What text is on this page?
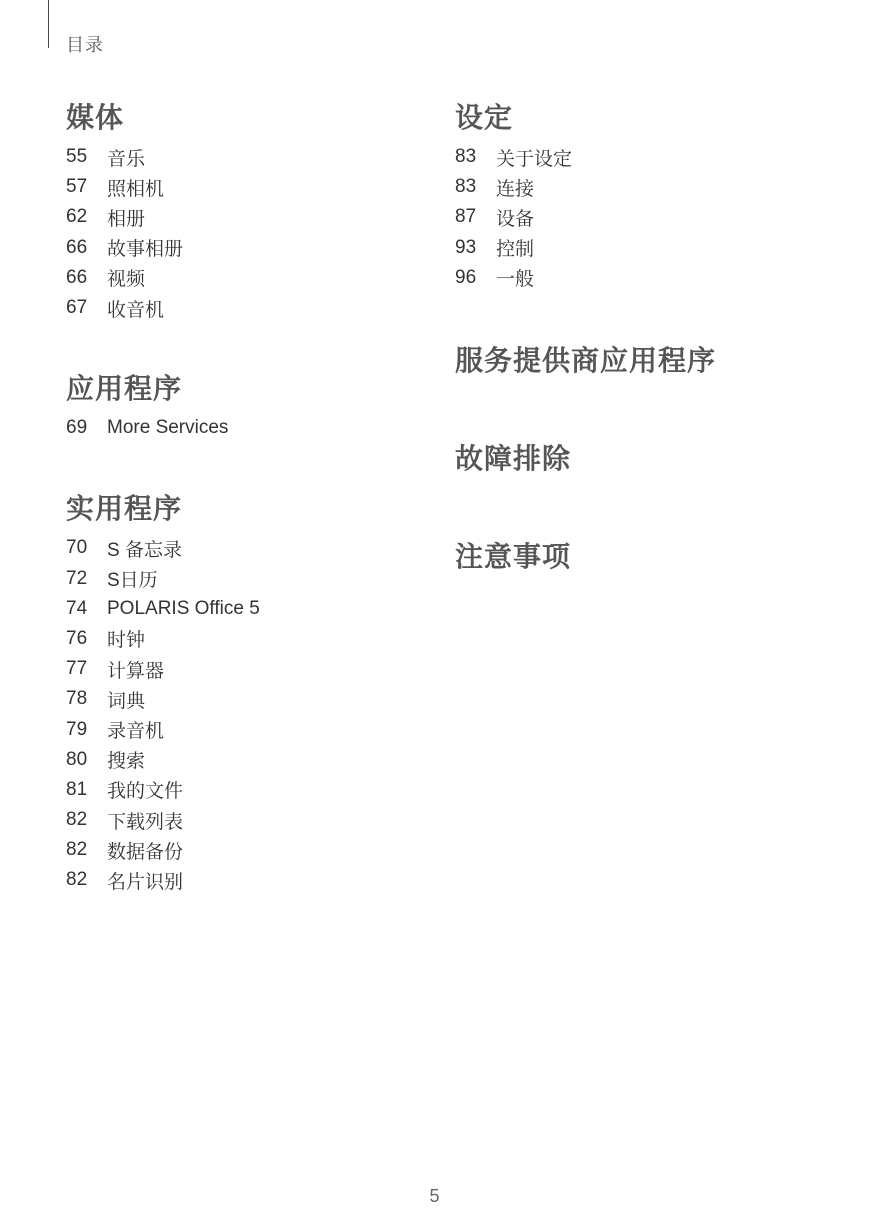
目录
媒体
55	音乐
57	照相机
62	相册
66	故事相册
66	视频
67	收音机
应用程序
69	More Services
实用程序
70	S 备忘录
72	S日历
74	POLARIS Office 5
76	时钟
77	计算器
78	词典
79	录音机
80	搜索
81	我的文件
82	下载列表
82	数据备份
82	名片识别
设定
83	关于设定
83	连接
87	设备
93	控制
96	一般
服务提供商应用程序
故障排除
注意事项
5
